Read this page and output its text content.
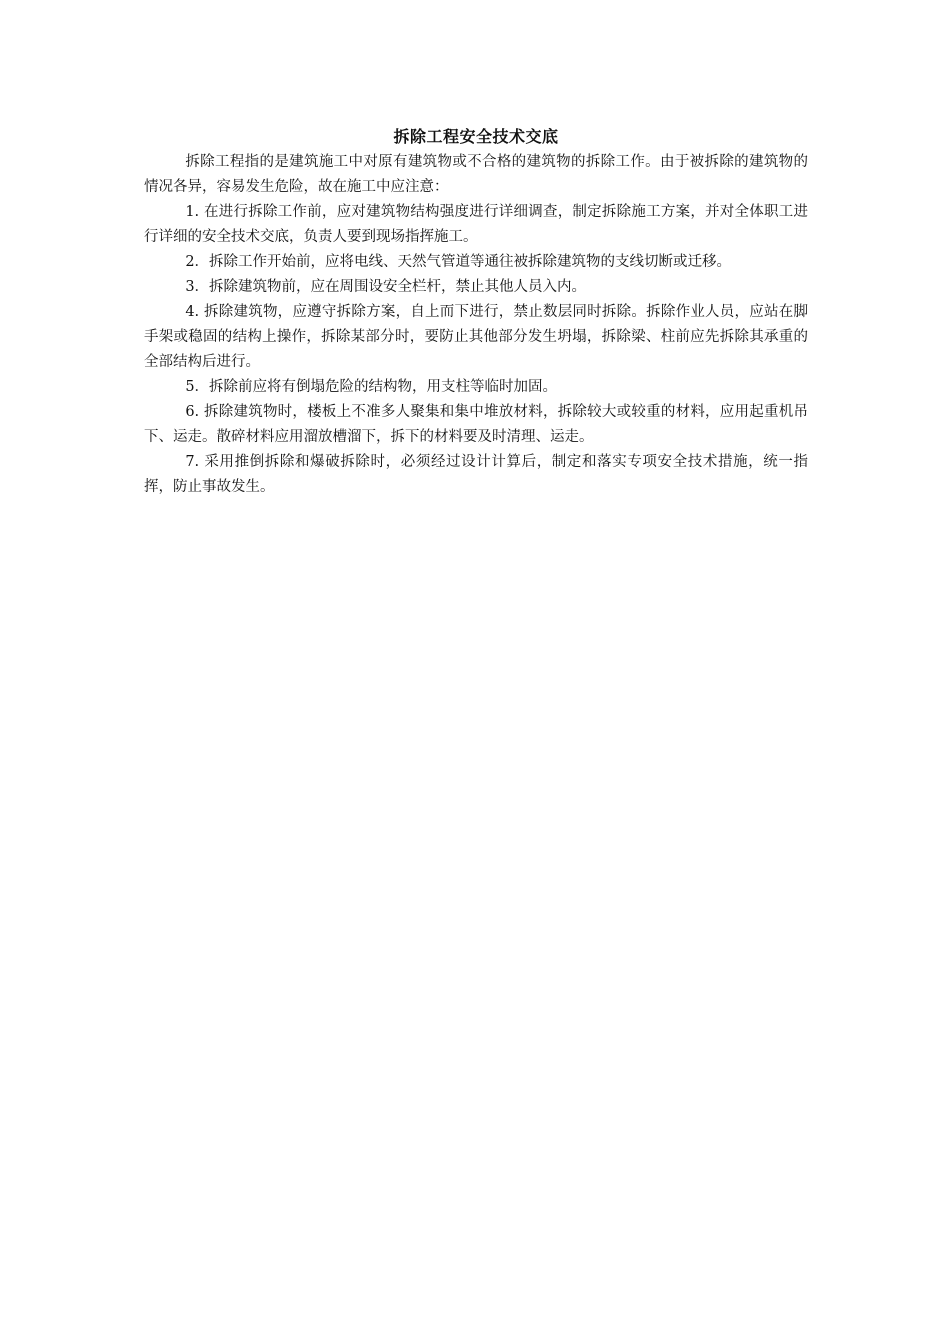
拆除工程安全技术交底

拆除工程指的是建筑施工中对原有建筑物或不合格的建筑物的拆除工作。由于被拆除的建筑物的情况各异，容易发生危险，故在施工中应注意：

1. 在进行拆除工作前，应对建筑物结构强度进行详细调查，制定拆除施工方案，并对全体职工进行详细的安全技术交底，负责人要到现场指挥施工。

2．拆除工作开始前，应将电线、天然气管道等通往被拆除建筑物的支线切断或迁移。

3．拆除建筑物前，应在周围设安全栏杆，禁止其他人员入内。

4. 拆除建筑物，应遵守拆除方案，自上而下进行，禁止数层同时拆除。拆除作业人员，应站在脚手架或稳固的结构上操作，拆除某部分时，要防止其他部分发生坍塌，拆除梁、柱前应先拆除其承重的全部结构后进行。

5．拆除前应将有倒塌危险的结构物，用支柱等临时加固。

6. 拆除建筑物时，楼板上不准多人聚集和集中堆放材料，拆除较大或较重的材料，应用起重机吊下、运走。散碎材料应用溜放槽溜下，拆下的材料要及时清理、运走。

7. 采用推倒拆除和爆破拆除时，必须经过设计计算后，制定和落实专项安全技术措施，统一指挥，防止事故发生。
